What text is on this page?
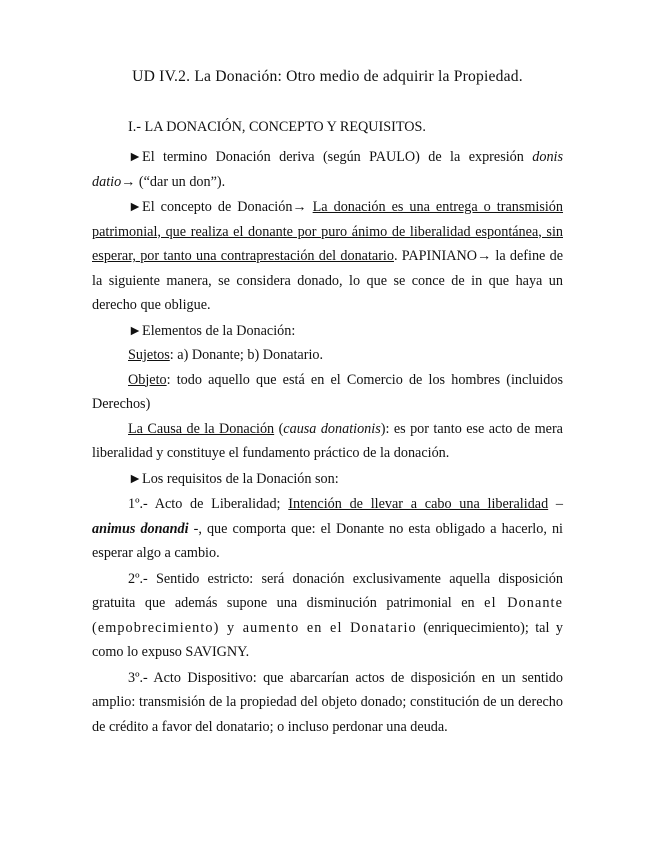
UD IV.2. La Donación: Otro medio de adquirir la Propiedad.
I.- LA DONACIÓN, CONCEPTO Y REQUISITOS.

►El termino Donación deriva (según PAULO) de la expresión donis datio→ (“dar un don”).

►El concepto de Donación→ La donación es una entrega o transmisión patrimonial, que realiza el donante por puro ánimo de liberalidad espontánea, sin esperar, por tanto una contraprestación del donatario. PAPINIANO→ la define de la siguiente manera, se considera donado, lo que se conce de in que haya un derecho que obligue.

►Elementos de la Donación:

Sujetos: a) Donante; b) Donatario.

Objeto: todo aquello que está en el Comercio de los hombres (incluidos Derechos)

La Causa de la Donación (causa donationis): es por tanto ese acto de mera liberalidad y constituye el fundamento práctico de la donación.

►Los requisitos de la Donación son:

1º.- Acto de Liberalidad; Intención de llevar a cabo una liberalidad – animus donandi -, que comporta que: el Donante no esta obligado a hacerlo, ni esperar algo a cambio.

2º.- Sentido estricto: será donación exclusivamente aquella disposición gratuita que además supone una disminución patrimonial en el Donante (empobrecimiento) y aumento en el Donatario (enriquecimiento); tal y como lo expuso SAVIGNY.

3º.- Acto Dispositivo: que abarcarían actos de disposición en un sentido amplio: transmisión de la propiedad del objeto donado; constitución de un derecho de crédito a favor del donatario; o incluso perdonar una deuda.
